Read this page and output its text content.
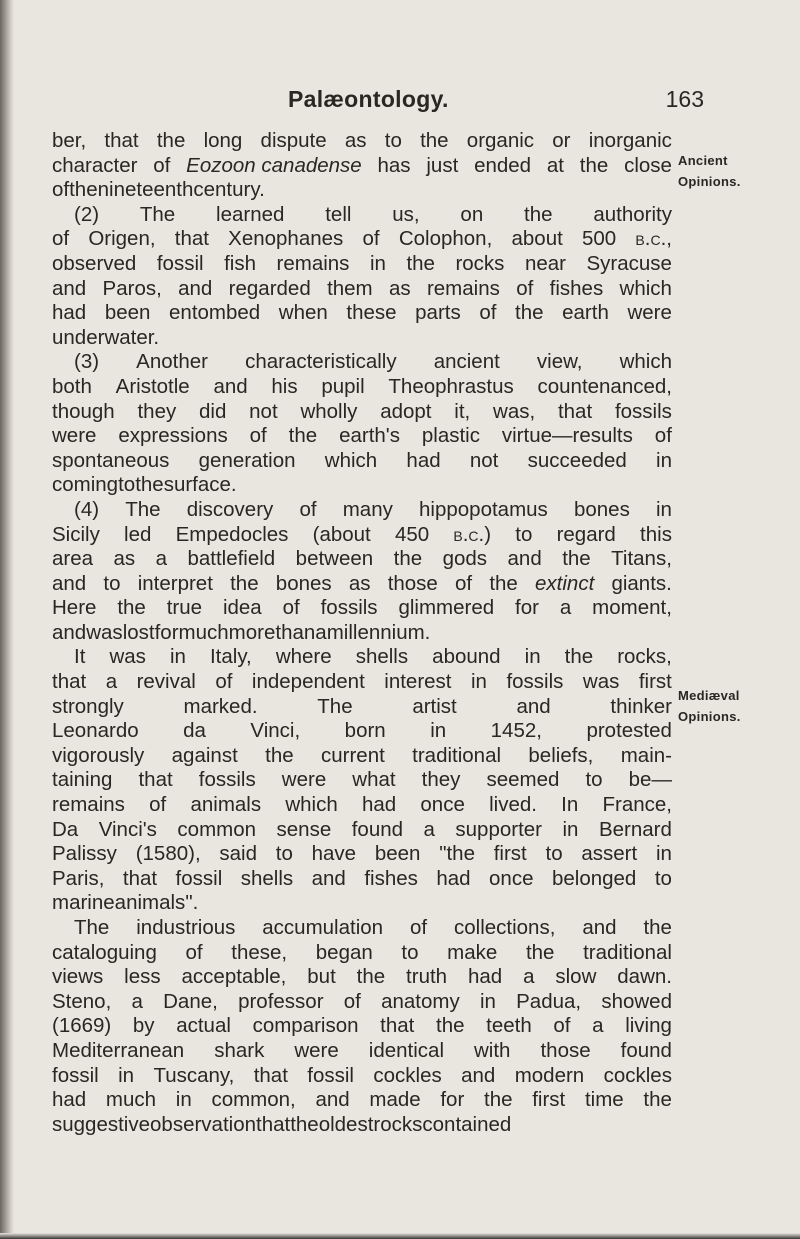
Palæontology.	163
ber, that the long dispute as to the organic or inorganic
character of Eozoon canadense has just ended at the close
of the nineteenth century.
(2) The learned tell us, on the authority
of Origen, that Xenophanes of Colophon, about 500 b.c.,
observed fossil fish remains in the rocks near Syracuse
and Paros, and regarded them as remains of fishes which
had been entombed when these parts of the earth were
under water.
(3) Another characteristically ancient view, which
both Aristotle and his pupil Theophrastus countenanced,
though they did not wholly adopt it, was, that fossils
were expressions of the earth's plastic virtue—results of
spontaneous generation which had not succeeded in
coming to the surface.
(4) The discovery of many hippopotamus bones in
Sicily led Empedocles (about 450 b.c.) to regard this
area as a battlefield between the gods and the Titans,
and to interpret the bones as those of the extinct giants.
Here the true idea of fossils glimmered for a moment,
and was lost for much more than a millennium.
It was in Italy, where shells abound in the rocks,
that a revival of independent interest in fossils was first
strongly	marked.	The	artist	and	thinker
Leonardo da Vinci, born in 1452, protested
vigorously against the current traditional beliefs, main-
taining that fossils were what they seemed to be—
remains of animals which had once lived. In France,
Da Vinci's common sense found a supporter in Bernard
Palissy (1580), said to have been "the first to assert in
Paris, that fossil shells and fishes had once belonged to
marine animals".
The industrious accumulation of collections, and the
cataloguing of these, began to make the traditional
views less acceptable, but the truth had a slow dawn.
Steno, a Dane, professor of anatomy in Padua, showed
(1669) by actual comparison that the teeth of a living
Mediterranean shark were identical with those found
fossil in Tuscany, that fossil cockles and modern cockles
had much in common, and made for the first time the
suggestive observation that the oldest rocks contained
Ancient
Opinions.
Mediæval
Opinions.
